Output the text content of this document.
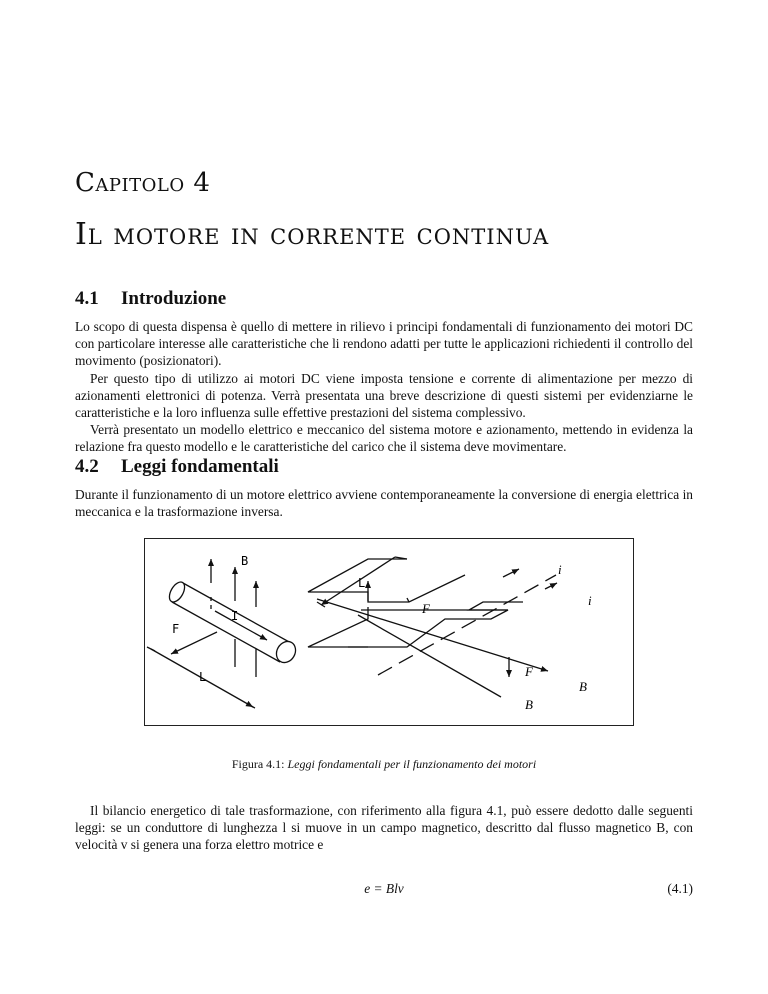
Capitolo 4
Il motore in corrente continua
4.1 Introduzione

Lo scopo di questa dispensa è quello di mettere in rilievo i principi fondamentali di funzionamento dei motori DC con particolare interesse alle caratteristiche che li rendono adatti per tutte le applicazioni richiedenti il controllo del movimento (posizionatori).

Per questo tipo di utilizzo ai motori DC viene imposta tensione e corrente di alimentazione per mezzo di azionamenti elettronici di potenza. Verrà presentata una breve descrizione di questi sistemi per evidenziarne le caratteristiche e la loro influenza sulle effettive prestazioni del sistema complessivo.

Verrà presentato un modello elettrico e meccanico del sistema motore e azionamento, mettendo in evidenza la relazione fra questo modello e le caratteristiche del carico che il sistema deve movimentare.

4.2 Leggi fondamentali

Durante il funzionamento di un motore elettrico avviene contemporaneamente la conversione di energia elettrica in meccanica e la trasformazione inversa.

B
L
I
F
L
i
i
F
F
B
B
Figura 4.1: Leggi fondamentali per il funzionamento dei motori

Il bilancio energetico di tale trasformazione, con riferimento alla figura 4.1, può essere dedotto dalle seguenti leggi: se un conduttore di lunghezza l si muove in un campo magnetico, descritto dal flusso magnetico B, con velocità v si genera una forza elettro motrice e

e = Blv	(4.1)
